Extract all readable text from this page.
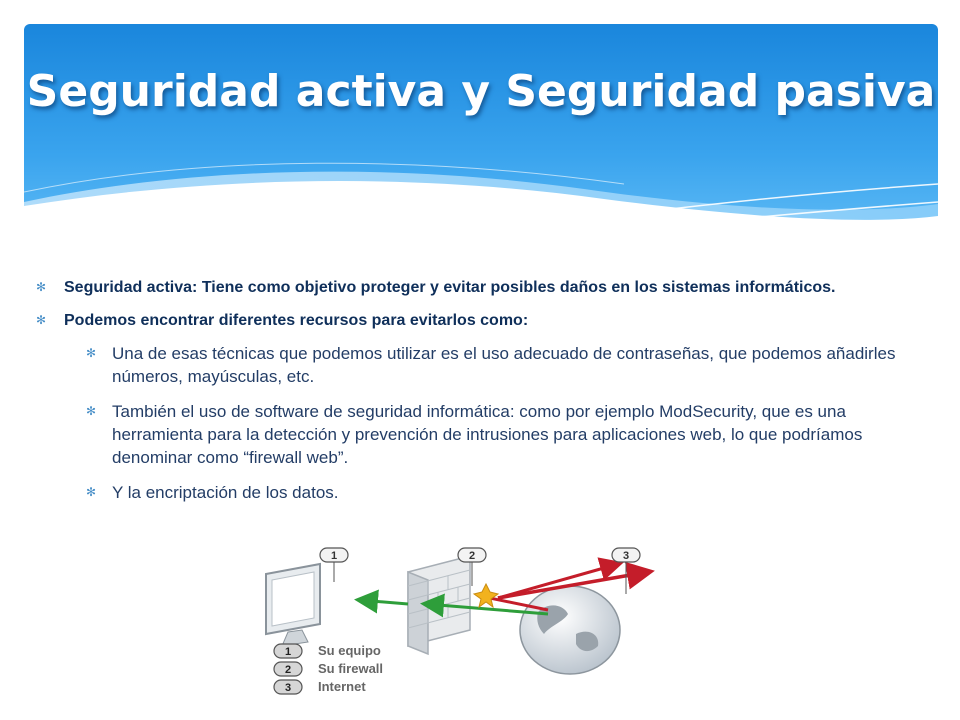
Seguridad activa y Seguridad pasiva
✻ Seguridad activa: Tiene como objetivo proteger y evitar posibles daños en los sistemas informáticos.
✻ Podemos encontrar diferentes recursos para evitarlos como:
✻ Una de esas técnicas que podemos utilizar es el uso adecuado de contraseñas, que podemos añadirles números, mayúsculas, etc.
✻ También el uso de software de seguridad informática: como por ejemplo ModSecurity, que es una herramienta para la detección y prevención de intrusiones para aplicaciones web, lo que podríamos denominar como “firewall web”.
✻ Y la encriptación de los datos.
1	2	3
1 Su equipo
2 Su firewall
3 Internet
